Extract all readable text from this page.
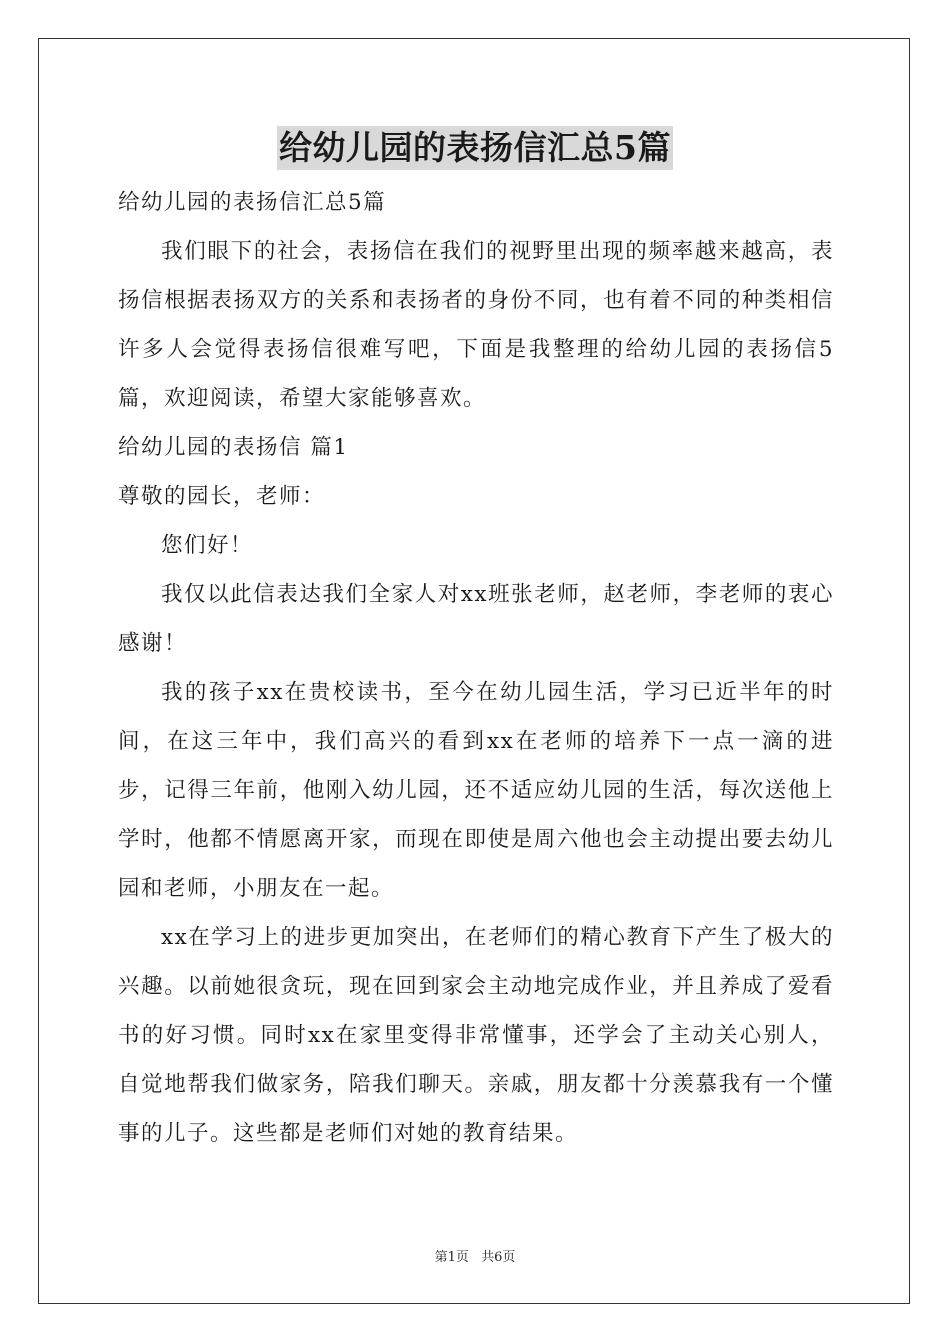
给幼儿园的表扬信汇总5篇

给幼儿园的表扬信汇总5篇

我们眼下的社会，表扬信在我们的视野里出现的频率越来越高，表扬信根据表扬双方的关系和表扬者的身份不同，也有着不同的种类相信许多人会觉得表扬信很难写吧，下面是我整理的给幼儿园的表扬信5篇，欢迎阅读，希望大家能够喜欢。

给幼儿园的表扬信 篇1

尊敬的园长，老师：

您们好！

我仅以此信表达我们全家人对xx班张老师，赵老师，李老师的衷心感谢！

我的孩子xx在贵校读书，至今在幼儿园生活，学习已近半年的时间，在这三年中，我们高兴的看到xx在老师的培养下一点一滴的进步，记得三年前，他刚入幼儿园，还不适应幼儿园的生活，每次送他上学时，他都不情愿离开家，而现在即使是周六他也会主动提出要去幼儿园和老师，小朋友在一起。

xx在学习上的进步更加突出，在老师们的精心教育下产生了极大的兴趣。以前她很贪玩，现在回到家会主动地完成作业，并且养成了爱看书的好习惯。同时xx在家里变得非常懂事，还学会了主动关心别人，自觉地帮我们做家务，陪我们聊天。亲戚，朋友都十分羡慕我有一个懂事的儿子。这些都是老师们对她的教育结果。

第1页 共6页
